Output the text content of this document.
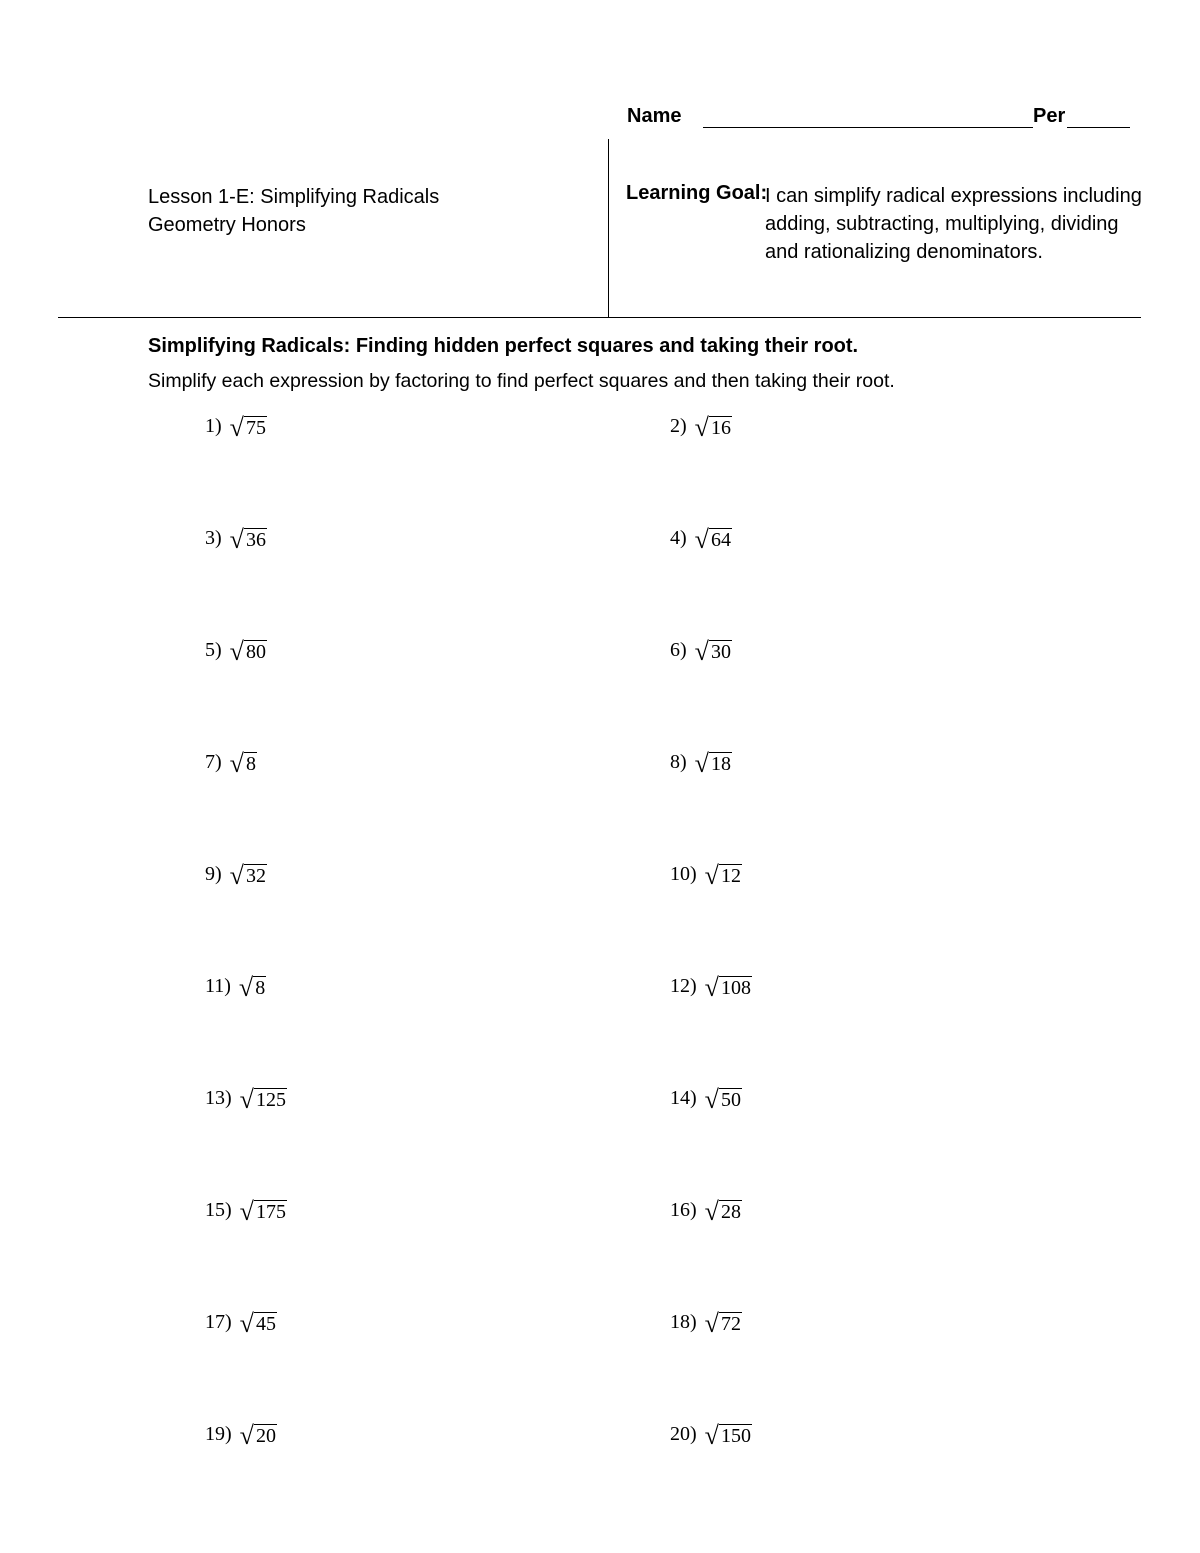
Name	Per
Lesson 1-E: Simplifying Radicals
Geometry Honors
Learning Goal:
I can simplify radical expressions including
adding, subtracting, multiplying, dividing
and rationalizing denominators.
Simplifying Radicals: Finding hidden perfect squares and taking their root.
Simplify each expression by factoring to find perfect squares and then taking their root.
1) √ 75	2) √ 16
3) √ 36	4) √ 64
5) √ 80	6) √ 30
7) √ 8	8) √ 18
9) √ 32	10) √ 12
11) √ 8	12) √ 108
13) √ 125	14) √ 50
15) √ 175	16) √ 28
17) √ 45	18) √ 72
19) √ 20	20) √ 150
